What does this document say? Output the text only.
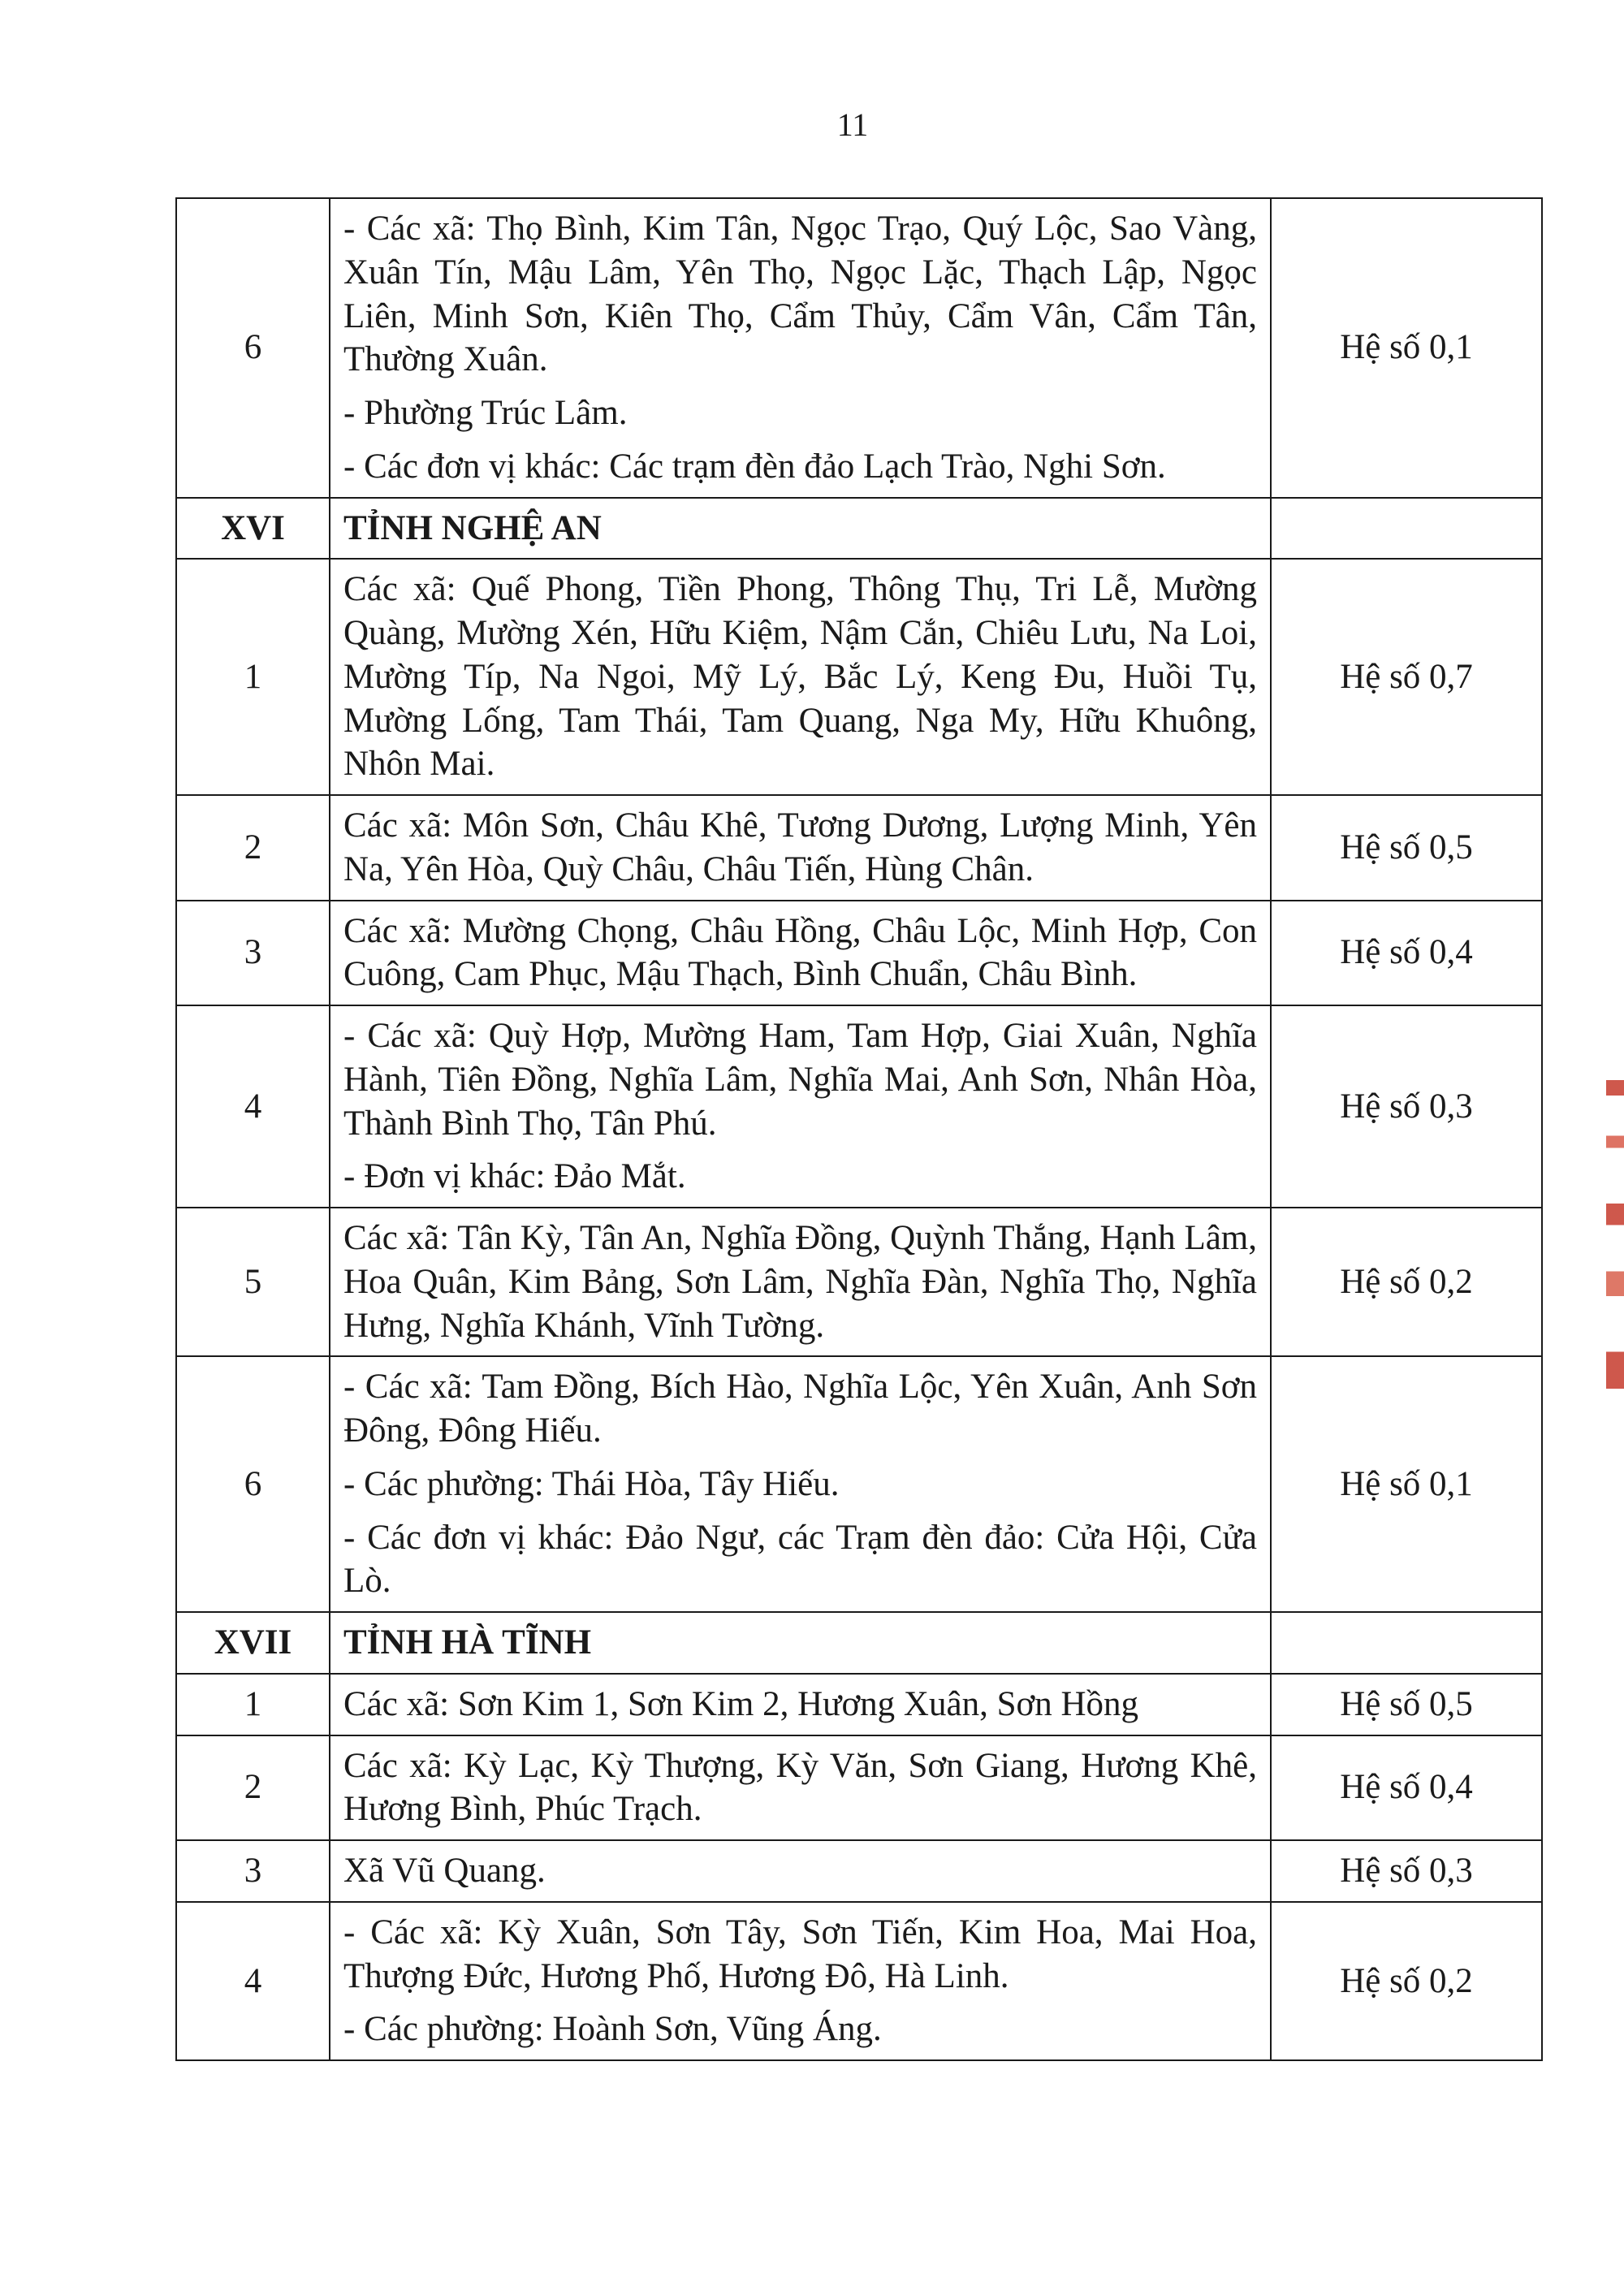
11
6	- Các xã: Thọ Bình, Kim Tân, Ngọc Trạo, Quý Lộc, Sao Vàng, Xuân Tín, Mậu Lâm, Yên Thọ, Ngọc Lặc, Thạch Lập, Ngọc Liên, Minh Sơn, Kiên Thọ, Cẩm Thủy, Cẩm Vân, Cẩm Tân, Thường Xuân.
- Phường Trúc Lâm.
- Các đơn vị khác: Các trạm đèn đảo Lạch Trào, Nghi Sơn.	Hệ số 0,1
XVI	TỈNH NGHỆ AN	
1	Các xã: Quế Phong, Tiền Phong, Thông Thụ, Tri Lễ, Mường Quàng, Mường Xén, Hữu Kiệm, Nậm Cắn, Chiêu Lưu, Na Loi, Mường Típ, Na Ngoi, Mỹ Lý, Bắc Lý, Keng Đu, Huồi Tụ, Mường Lống, Tam Thái, Tam Quang, Nga My, Hữu Khuông, Nhôn Mai.	Hệ số 0,7
2	Các xã: Môn Sơn, Châu Khê, Tương Dương, Lượng Minh, Yên Na, Yên Hòa, Quỳ Châu, Châu Tiến, Hùng Chân.	Hệ số 0,5
3	Các xã: Mường Chọng, Châu Hồng, Châu Lộc, Minh Hợp, Con Cuông, Cam Phục, Mậu Thạch, Bình Chuẩn, Châu Bình.	Hệ số 0,4
4	- Các xã: Quỳ Hợp, Mường Ham, Tam Hợp, Giai Xuân, Nghĩa Hành, Tiên Đồng, Nghĩa Lâm, Nghĩa Mai, Anh Sơn, Nhân Hòa, Thành Bình Thọ, Tân Phú.
- Đơn vị khác: Đảo Mắt.	Hệ số 0,3
5	Các xã: Tân Kỳ, Tân An, Nghĩa Đồng, Quỳnh Thắng, Hạnh Lâm, Hoa Quân, Kim Bảng, Sơn Lâm, Nghĩa Đàn, Nghĩa Thọ, Nghĩa Hưng, Nghĩa Khánh, Vĩnh Tường.	Hệ số 0,2
6	- Các xã: Tam Đồng, Bích Hào, Nghĩa Lộc, Yên Xuân, Anh Sơn Đông, Đông Hiếu.
- Các phường: Thái Hòa, Tây Hiếu.
- Các đơn vị khác: Đảo Ngư, các Trạm đèn đảo: Cửa Hội, Cửa Lò.	Hệ số 0,1
XVII	TỈNH HÀ TĨNH	
1	Các xã: Sơn Kim 1, Sơn Kim 2, Hương Xuân, Sơn Hồng	Hệ số 0,5
2	Các xã: Kỳ Lạc, Kỳ Thượng, Kỳ Văn, Sơn Giang, Hương Khê, Hương Bình, Phúc Trạch.	Hệ số 0,4
3	Xã Vũ Quang.	Hệ số 0,3
4	- Các xã: Kỳ Xuân, Sơn Tây, Sơn Tiến, Kim Hoa, Mai Hoa, Thượng Đức, Hương Phố, Hương Đô, Hà Linh.
- Các phường: Hoành Sơn, Vũng Áng.	Hệ số 0,2
